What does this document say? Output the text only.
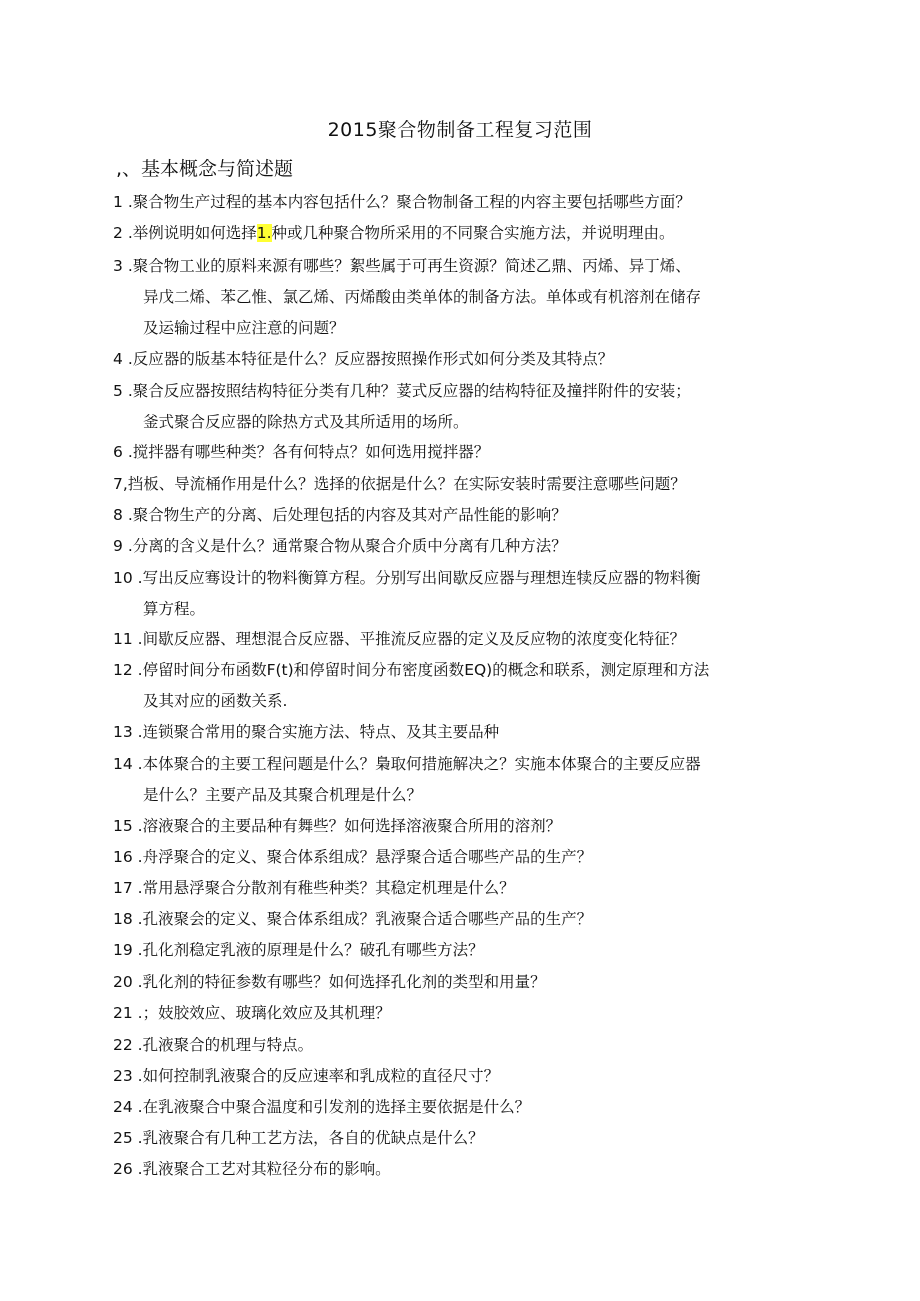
2015聚合物制备工程复习范围
,、基本概念与简述题
1 .聚合物生产过程的基本内容包括什么？聚合物制备工程的内容主要包括哪些方面？
2 .举例说明如何选择1.种或几种聚合物所采用的不同聚合实施方法，并说明理由。
3 .聚合物工业的原料来源有哪些？絮些属于可再生资源？简述乙鼎、丙烯、异丁烯、
异戊二烯、苯乙惟、氯乙烯、丙烯酸由类单体的制备方法。单体或有机溶剂在储存
及运输过程中应注意的问题？
4 .反应器的版基本特征是什么？反应器按照操作形式如何分类及其特点？
5 .聚合反应器按照结构特征分类有几种？荽式反应器的结构特征及撞拌附件的安装；
釜式聚合反应器的除热方式及其所适用的场所。
6 .搅拌器有哪些种类？各有何特点？如何选用搅拌器？
7,挡板、导流桶作用是什么？选择的依据是什么？在实际安装时需要注意哪些问题？
8 .聚合物生产的分离、后处理包括的内容及其对产品性能的影响？
9 .分离的含义是什么？通常聚合物从聚合介质中分离有几种方法？
10 .写出反应骞设计的物料衡算方程。分别写出间歇反应器与理想连犊反应器的物料衡
算方程。
11 .间歇反应器、理想混合反应器、平推流反应器的定义及反应物的浓度变化特征？
12 .停留时间分布函数F(t)和停留时间分布密度函数EQ)的概念和联系，测定原理和方法
及其对应的函数关系.
13 .连锁聚合常用的聚合实施方法、特点、及其主要品种
14 .本体聚合的主要工程问题是什么？梟取何措施解决之？实施本体聚合的主要反应器
是什么？主要产品及其聚合机理是什么？
15 .溶液聚合的主要品种有舞些？如何选择溶液聚合所用的溶剂？
16 .舟浮聚合的定义、聚合体系组成？悬浮聚合适合哪些产品的生产？
17 .常用悬浮聚合分散剂有稚些种类？其稳定机理是什么？
18 .孔液聚会的定义、聚合体系组成？乳液聚合适合哪些产品的生产？
19 .孔化剂稳定乳液的原理是什么？破孔有哪些方法？
20 .乳化剂的特征参数有哪些？如何选择孔化剂的类型和用量？
21 .；妓胶效应、玻璃化效应及其机理？
22 .孔液聚合的机理与特点。
23 .如何控制乳液聚合的反应速率和乳成粒的直径尺寸？
24 .在乳液聚合中聚合温度和引发剂的选择主要依据是什么？
25 .乳液聚合有几种工艺方法，各自的优缺点是什么？
26 .乳液聚合工艺对其粒径分布的影响。
